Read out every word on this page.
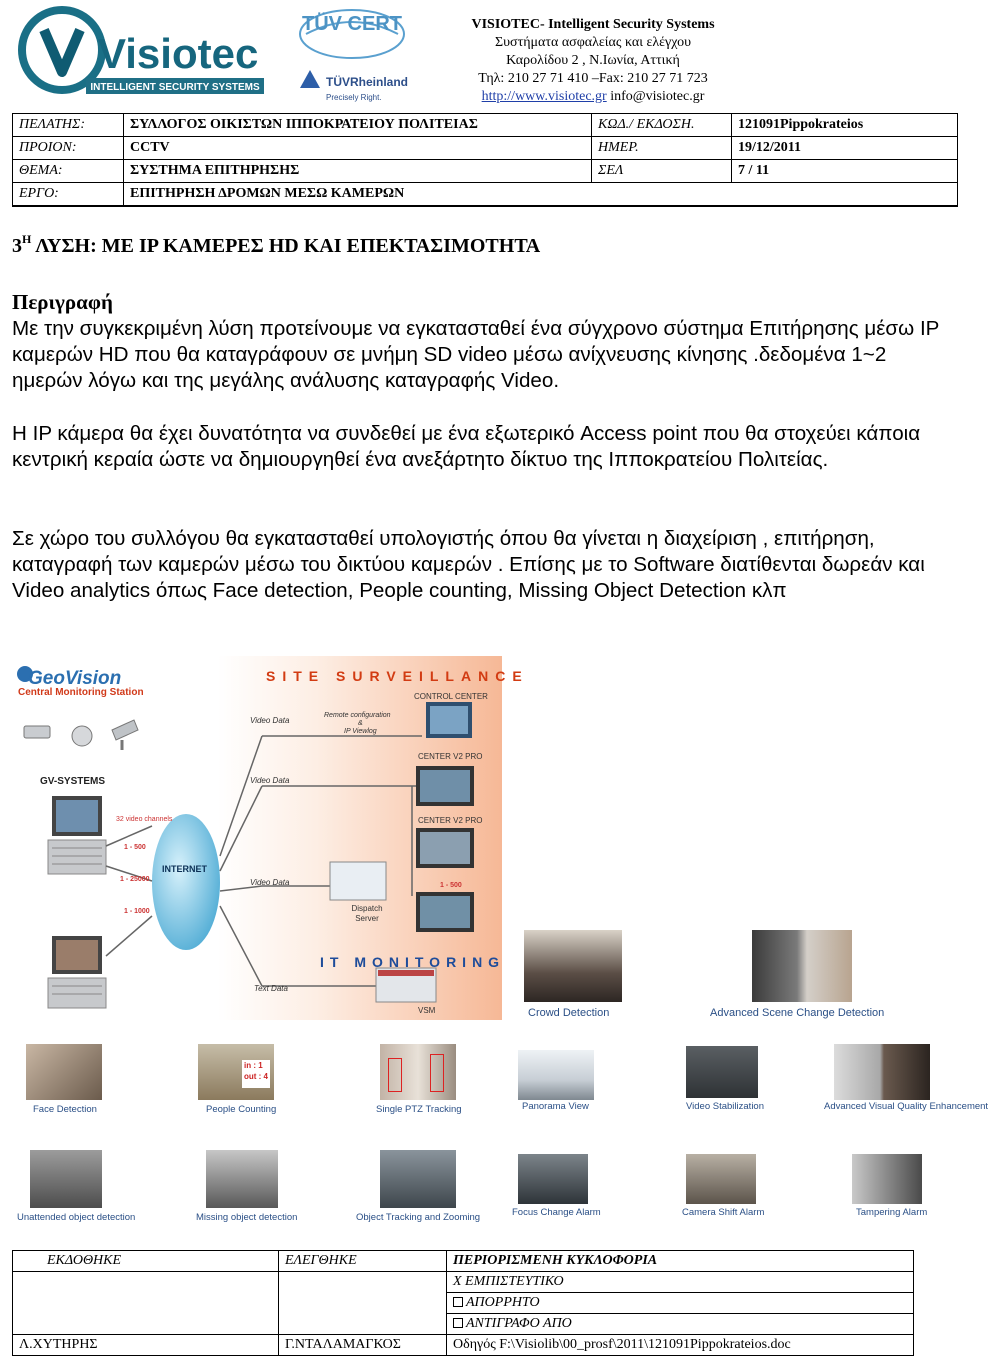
Visiotec
INTELLIGENT SECURITY SYSTEMS
TÜV CERT
TÜVRheinland
Precisely Right.
VISIOTEC- Intelligent Security Systems
Συστήματα ασφαλείας και ελέγχου
Καρολίδου 2 , Ν.Ιωνία, Αττική
Τηλ: 210 27 71 410 –Fax: 210 27 71 723
http://www.visiotec.gr info@visiotec.gr
ΠΕΛΑΤΗΣ:	ΣΥΛΛΟΓΟΣ ΟΙΚΙΣΤΩΝ ΙΠΠΟΚΡΑΤΕΙΟΥ ΠΟΛΙΤΕΙΑΣ	ΚΩΔ./ ΕΚΔΟΣΗ.	121091Pippokrateios
ΠΡΟΙΟΝ:	CCTV	ΗΜΕΡ.	19/12/2011
ΘΕΜΑ:	ΣΥΣΤΗΜΑ ΕΠΙΤΗΡΗΣΗΣ	ΣΕΛ	7 / 11
ΕΡΓΟ:	ΕΠΙΤΗΡΗΣΗ ΔΡΟΜΩΝ ΜΕΣΩ ΚΑΜΕΡΩΝ		
$3^H$ ΛΥΣΗ: ΜΕ IP ΚΑΜΕΡΕΣ HD ΚΑΙ ΕΠΕΚΤΑΣΙΜΟΤΗΤΑ
Περιγραφή
Με την συγκεκριμένη λύση προτείνουμε να εγκατασταθεί ένα σύγχρονο σύστημα Επιτήρησης μέσω IP καμερών HD που θα καταγράφουν σε μνήμη SD video μέσω ανίχνευσης κίνησης .δεδομένα 1~2 ημερών λόγω και της μεγάλης ανάλυσης καταγραφής Video.
Η IP κάμερα θα έχει δυνατότητα να συνδεθεί με ένα εξωτερικό Access point που θα στοχεύει κάποια κεντρική κεραία ώστε να δημιουργηθεί ένα ανεξάρτητο δίκτυο της Ιπποκρατείου Πολιτείας.
Σε χώρο του συλλόγου θα εγκατασταθεί υπολογιστής όπου θα γίνεται η διαχείριση , επιτήρηση, καταγραφή των καμερών μέσω του δικτύου καμερών . Επίσης με το Software διατίθενται δωρεάν και Video analytics όπως Face detection, People counting, Missing Object Detection κλπ
GeoVision
Central Monitoring Station
SITE SURVEILLANCE
IT MONITORING
GV-SYSTEMS
INTERNET
32 video channels
1 - 500
1 - 25000
1 - 1000
1 - 500
Video Data
Video Data
Video Data
Text Data
Remote configuration
&
IP Viewlog
CONTROL CENTER
CENTER V2 PRO
CENTER V2 PRO
Dispatch Server
VSM	Crowd Detection	Advanced Scene Change Detection
Face Detection
in : 1
out : 4
People Counting	Single PTZ Tracking	Panorama View	Video Stabilization	Advanced Visual Quality Enhancement
Unattended object detection	Missing object detection	Object Tracking and Zooming	Focus Change Alarm	Camera Shift Alarm	Tampering Alarm
ΕΚΔΟΘΗΚΕ	ΕΛΕΓΘΗΚΕ	ΠΕΡΙΟΡΙΣΜΕΝΗ ΚΥΚΛΟΦΟΡΙΑ
		Χ ΕΜΠΙΣΤΕΥΤΙΚΟ
		ΑΠΟΡΡΗΤΟ
		ΑΝΤΙΓΡΑΦΟ ΑΠΟ
Λ.ΧΥΤΗΡΗΣ	Γ.ΝΤΑΛΑΜΑΓΚΟΣ	Οδηγός F:\Visiolib\00_prosf\2011\121091Pippokrateios.doc
